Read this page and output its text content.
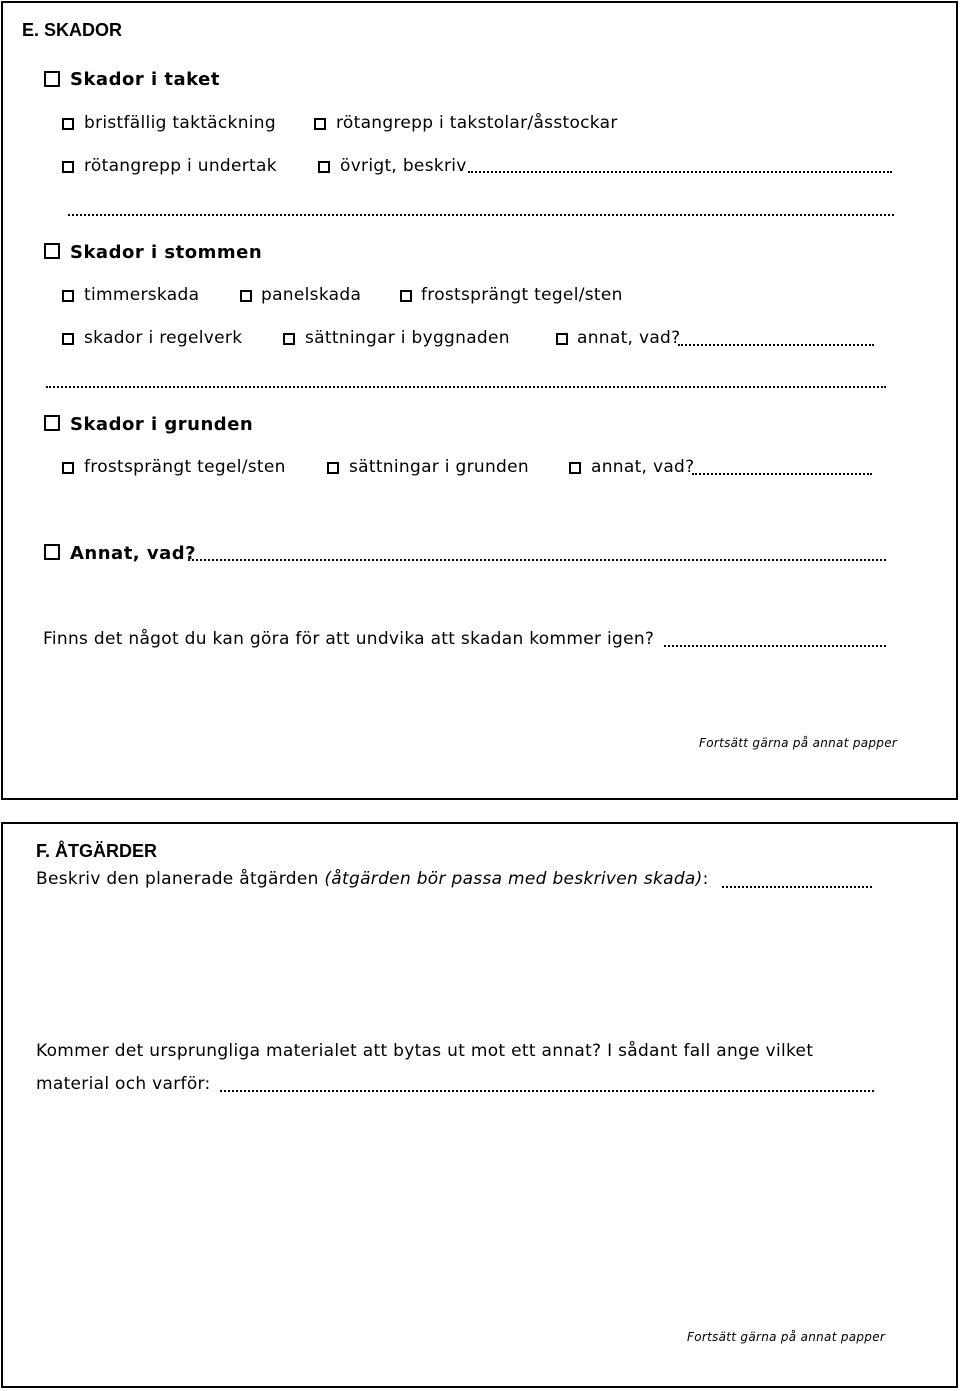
E. SKADOR
Skador i taket
bristfällig taktäckning	rötangrepp i takstolar/åsstockar
rötangrepp i undertak	övrigt, beskriv
Skador i stommen
timmerskada	panelskada	frostsprängt tegel/sten
skador i regelverk	sättningar i byggnaden	annat, vad?
Skador i grunden
frostsprängt tegel/sten	sättningar i grunden	annat, vad?
Annat, vad?
Finns det något du kan göra för att undvika att skadan kommer igen?
Fortsätt gärna på annat papper
F. ÅTGÄRDER
Beskriv den planerade åtgärden (åtgärden bör passa med beskriven skada):
Kommer det ursprungliga materialet att bytas ut mot ett annat? I sådant fall ange vilket
material och varför:
Fortsätt gärna på annat papper
